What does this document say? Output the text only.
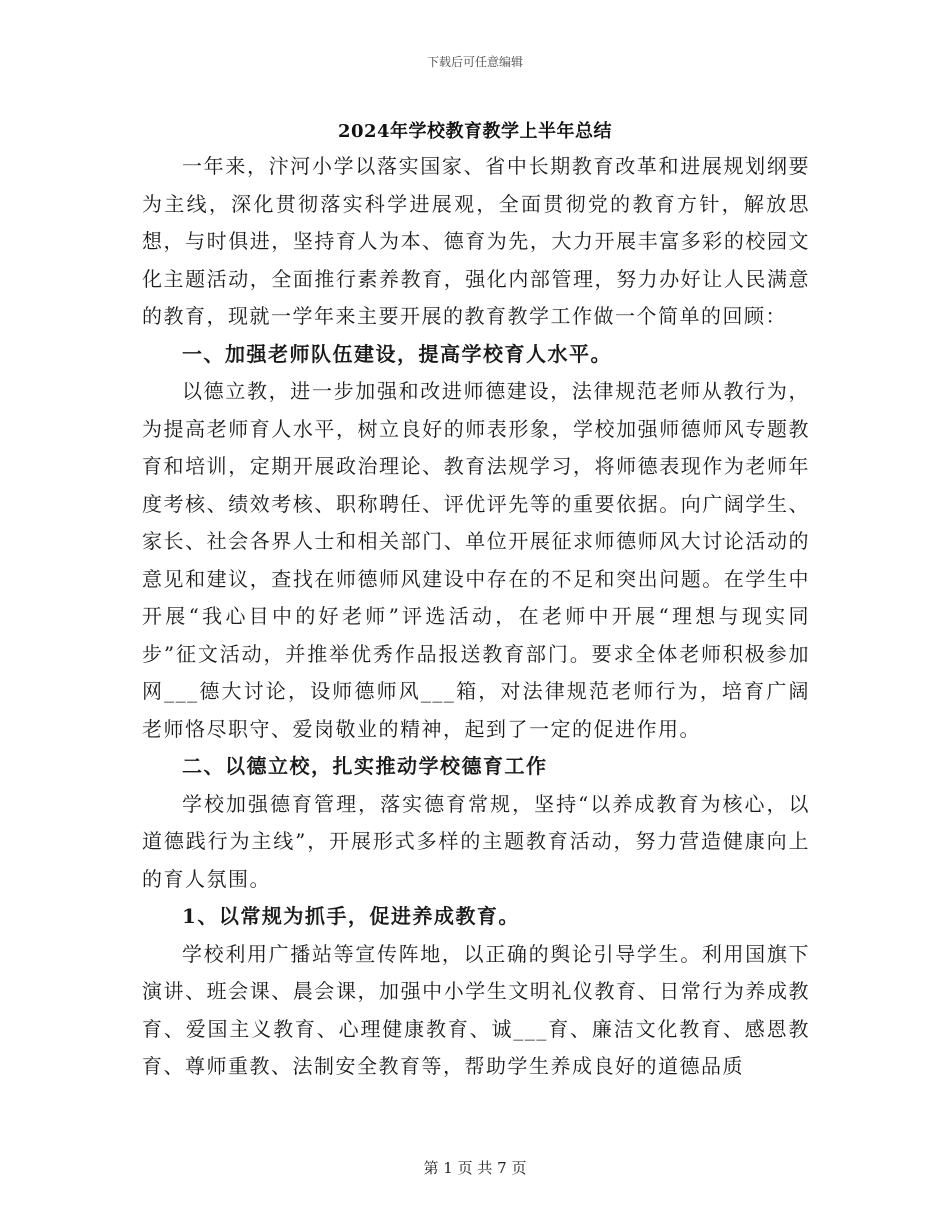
下载后可任意编辑
2024年学校教育教学上半年总结

一年来，汴河小学以落实国家、省中长期教育改革和进展规划纲要为主线，深化贯彻落实科学进展观，全面贯彻党的教育方针，解放思想，与时俱进，坚持育人为本、德育为先，大力开展丰富多彩的校园文化主题活动，全面推行素养教育，强化内部管理，努力办好让人民满意的教育，现就一学年来主要开展的教育教学工作做一个简单的回顾：

一、加强老师队伍建设，提高学校育人水平。

以德立教，进一步加强和改进师德建设，法律规范老师从教行为，为提高老师育人水平，树立良好的师表形象，学校加强师德师风专题教育和培训，定期开展政治理论、教育法规学习，将师德表现作为老师年度考核、绩效考核、职称聘任、评优评先等的重要依据。向广阔学生、家长、社会各界人士和相关部门、单位开展征求师德师风大讨论活动的意见和建议，查找在师德师风建设中存在的不足和突出问题。在学生中开展“我心目中的好老师”评选活动，在老师中开展“理想与现实同步”征文活动，并推举优秀作品报送教育部门。要求全体老师积极参加网___德大讨论，设师德师风___箱，对法律规范老师行为，培育广阔老师恪尽职守、爱岗敬业的精神，起到了一定的促进作用。

二、以德立校，扎实推动学校德育工作

学校加强德育管理，落实德育常规，坚持“以养成教育为核心，以道德践行为主线”，开展形式多样的主题教育活动，努力营造健康向上的育人氛围。

1、以常规为抓手，促进养成教育。

学校利用广播站等宣传阵地，以正确的舆论引导学生。利用国旗下演讲、班会课、晨会课，加强中小学生文明礼仪教育、日常行为养成教育、爱国主义教育、心理健康教育、诚___育、廉洁文化教育、感恩教育、尊师重教、法制安全教育等，帮助学生养成良好的道德品质

第 1 页 共 7 页
